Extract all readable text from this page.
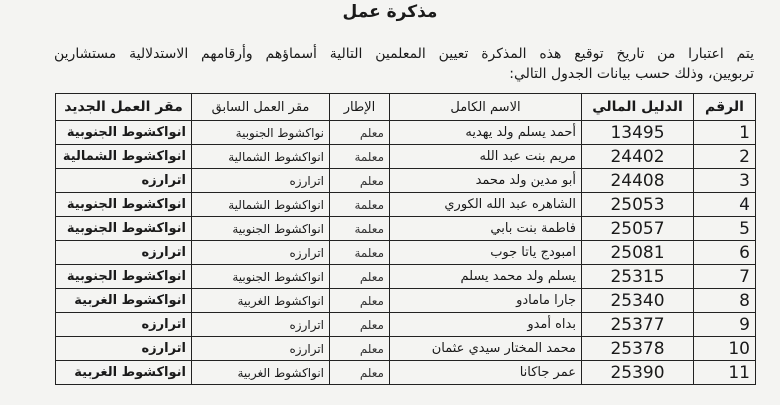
مذكرة عمل

يتم اعتبارا من تاريخ توقيع هذه المذكرة تعيين المعلمين التالية أسماؤهم وأرقامهم الاستدلالية مستشارين

تربويين، وذلك حسب بيانات الجدول التالي:

الرقم	الدليل المالي	الاسم الكامل	الإطار	مقر العمل السابق	مقر العمل الجديد
1	13495	أحمد يسلم ولد يهديه	معلم	نواكشوط الجنوبية	انواكشوط الجنوبية
2	24402	مريم بنت عبد الله	معلمة	انواكشوط الشمالية	انواكشوط الشمالية
3	24408	أبو مدين ولد محمد	معلم	اترارزه	اترارزه
4	25053	الشاهره عبد الله الكوري	معلمة	انواكشوط الشمالية	انواكشوط الجنوبية
5	25057	فاطمة بنت بابي	معلمة	انواكشوط الجنوبية	انواكشوط الجنوبية
6	25081	امبودج ياتا جوب	معلمة	اترارزه	اترارزه
7	25315	يسلم ولد محمد يسلم	معلم	انواكشوط الجنوبية	انواكشوط الجنوبية
8	25340	جارا مامادو	معلم	انواكشوط الغربية	انواكشوط الغربية
9	25377	بداه أمدو	معلم	اترارزه	اترارزه
10	25378	محمد المختار سيدي عثمان	معلم	اترارزه	اترارزه
11	25390	عمر جاكانا	معلم	انواكشوط الغربية	انواكشوط الغربية
